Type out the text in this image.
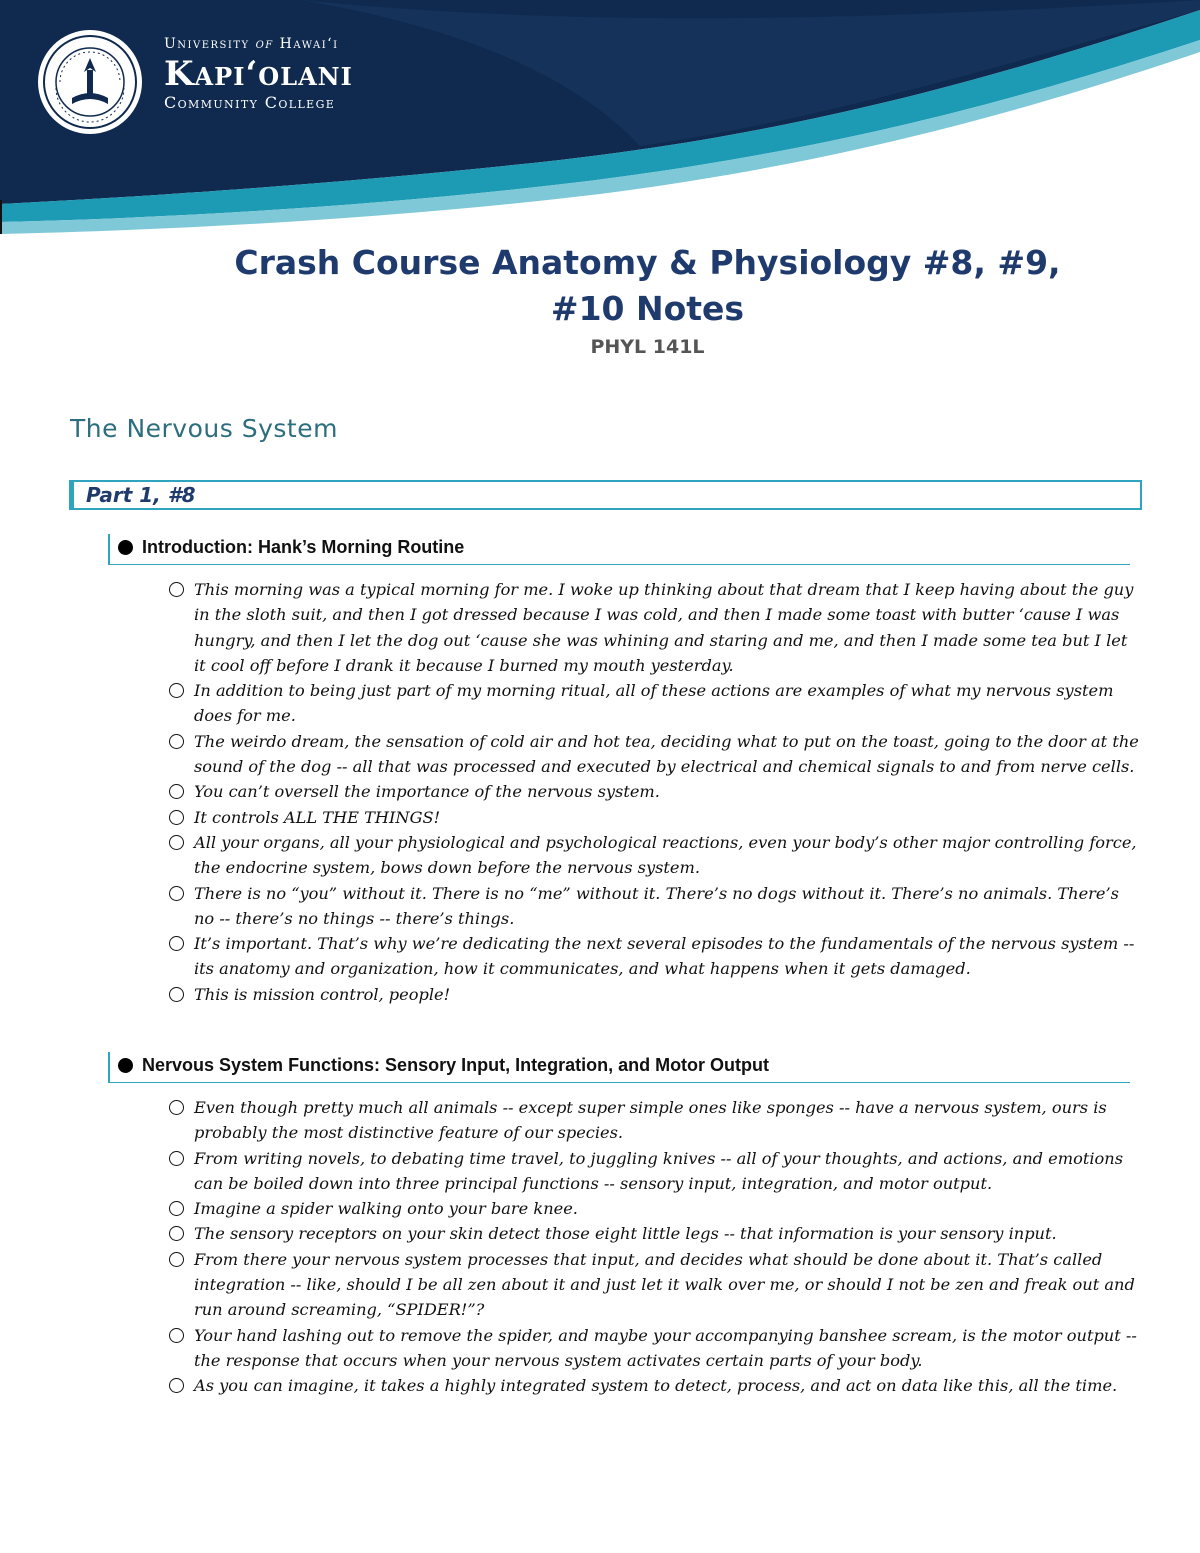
University of Hawaiʻi
Kapiʻolani
Community College
Crash Course Anatomy & Physiology #8, #9, #10 Notes
PHYL 141L
The Nervous System
Part 1, #8
Introduction: Hank’s Morning Routine
This morning was a typical morning for me. I woke up thinking about that dream that I keep having about the guy in the sloth suit, and then I got dressed because I was cold, and then I made some toast with butter ‘cause I was hungry, and then I let the dog out ‘cause she was whining and staring and me, and then I made some tea but I let it cool off before I drank it because I burned my mouth yesterday.
In addition to being just part of my morning ritual, all of these actions are examples of what my nervous system does for me.
The weirdo dream, the sensation of cold air and hot tea, deciding what to put on the toast, going to the door at the sound of the dog -- all that was processed and executed by electrical and chemical signals to and from nerve cells.
You can’t oversell the importance of the nervous system.
It controls ALL THE THINGS!
All your organs, all your physiological and psychological reactions, even your body’s other major controlling force, the endocrine system, bows down before the nervous system.
There is no “you” without it. There is no “me” without it. There’s no dogs without it. There’s no animals. There’s no -- there’s no things -- there’s things.
It’s important. That’s why we’re dedicating the next several episodes to the fundamentals of the nervous system -- its anatomy and organization, how it communicates, and what happens when it gets damaged.
This is mission control, people!
Nervous System Functions: Sensory Input, Integration, and Motor Output
Even though pretty much all animals -- except super simple ones like sponges -- have a nervous system, ours is probably the most distinctive feature of our species.
From writing novels, to debating time travel, to juggling knives -- all of your thoughts, and actions, and emotions can be boiled down into three principal functions -- sensory input, integration, and motor output.
Imagine a spider walking onto your bare knee.
The sensory receptors on your skin detect those eight little legs -- that information is your sensory input.
From there your nervous system processes that input, and decides what should be done about it. That’s called integration -- like, should I be all zen about it and just let it walk over me, or should I not be zen and freak out and run around screaming, “SPIDER!”?
Your hand lashing out to remove the spider, and maybe your accompanying banshee scream, is the motor output -- the response that occurs when your nervous system activates certain parts of your body.
As you can imagine, it takes a highly integrated system to detect, process, and act on data like this, all the time.
